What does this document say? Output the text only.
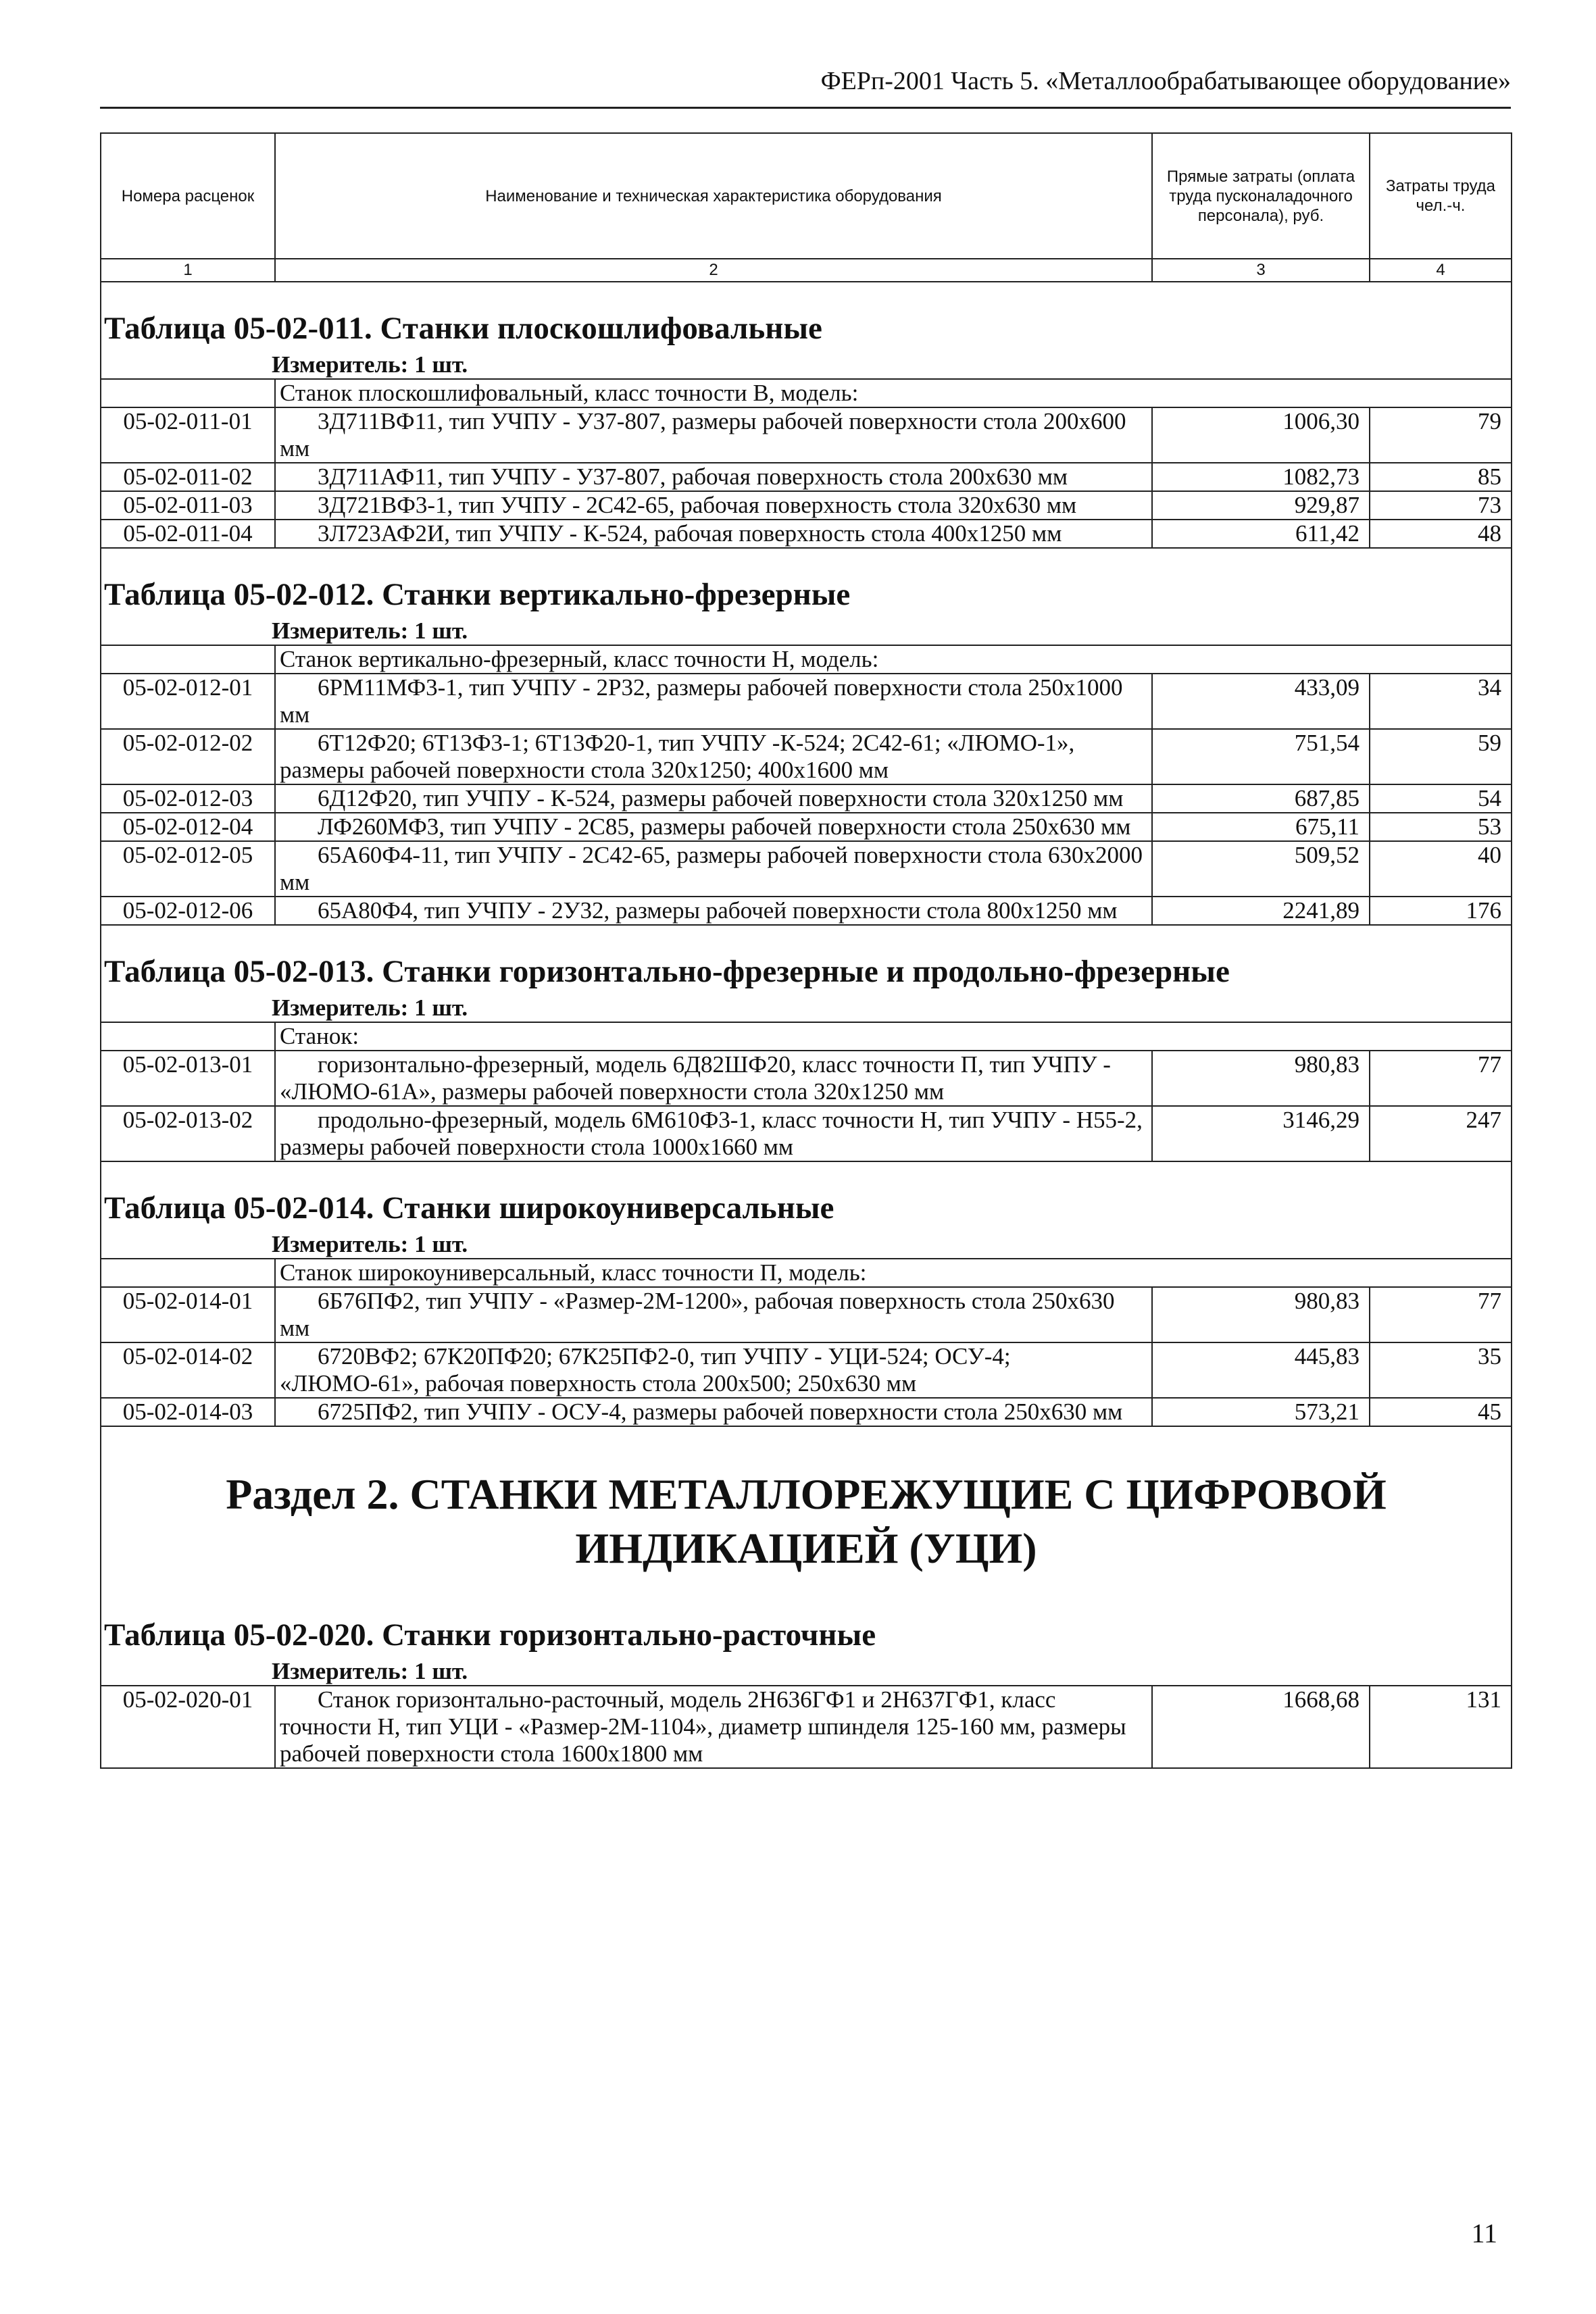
ФЕРп-2001 Часть 5. «Металлообрабатывающее оборудование»
Номера расценок	Наименование и техническая характеристика оборудования	Прямые затраты (оплата труда пусконаладочного персонала), руб.	Затраты труда чел.-ч.
1	2	3	4
Таблица 05-02-011. Станки плоскошлифовальные			
Измеритель: 1 шт.			
	Станок плоскошлифовальный, класс точности В, модель:		
05-02-011-01	3Д711ВФ11, тип УЧПУ - У37-807, размеры рабочей поверхности стола 200x600 мм	1006,30	79
05-02-011-02	3Д711АФ11, тип УЧПУ - У37-807, рабочая поверхность стола 200x630 мм	1082,73	85
05-02-011-03	3Д721ВФ3-1, тип УЧПУ - 2С42-65, рабочая поверхность стола 320x630 мм	929,87	73
05-02-011-04	3Л723АФ2И, тип УЧПУ - К-524, рабочая поверхность стола 400x1250 мм	611,42	48
Таблица 05-02-012. Станки вертикально-фрезерные			
Измеритель: 1 шт.			
	Станок вертикально-фрезерный, класс точности Н, модель:		
05-02-012-01	6РМ11МФ3-1, тип УЧПУ - 2Р32, размеры рабочей поверхности стола 250x1000 мм	433,09	34
05-02-012-02	6Т12Ф20; 6Т13Ф3-1; 6Т13Ф20-1, тип УЧПУ -К-524; 2С42-61; «ЛЮМО-1», размеры рабочей поверхности стола 320x1250; 400x1600 мм	751,54	59
05-02-012-03	6Д12Ф20, тип УЧПУ - К-524, размеры рабочей поверхности стола 320x1250 мм	687,85	54
05-02-012-04	ЛФ260МФ3, тип УЧПУ - 2С85, размеры рабочей поверхности стола 250x630 мм	675,11	53
05-02-012-05	65А60Ф4-11, тип УЧПУ - 2С42-65, размеры рабочей поверхности стола 630x2000 мм	509,52	40
05-02-012-06	65А80Ф4, тип УЧПУ - 2У32, размеры рабочей поверхности стола 800x1250 мм	2241,89	176
Таблица 05-02-013. Станки горизонтально-фрезерные и продольно-фрезерные			
Измеритель: 1 шт.			
	Станок:		
05-02-013-01	горизонтально-фрезерный, модель 6Д82ШФ20, класс точности П, тип УЧПУ - «ЛЮМО-61А», размеры рабочей поверхности стола 320x1250 мм	980,83	77
05-02-013-02	продольно-фрезерный, модель 6М610Ф3-1, класс точности Н, тип УЧПУ - Н55-2, размеры рабочей поверхности стола 1000x1660 мм	3146,29	247
Таблица 05-02-014. Станки широкоуниверсальные			
Измеритель: 1 шт.			
	Станок широкоуниверсальный, класс точности П, модель:		
05-02-014-01	6Б76ПФ2, тип УЧПУ - «Размер-2М-1200», рабочая поверхность стола 250x630 мм	980,83	77
05-02-014-02	6720ВФ2; 67К20ПФ20; 67К25ПФ2-0, тип УЧПУ - УЦИ-524; ОСУ-4; «ЛЮМО-61», рабочая поверхность стола 200x500; 250x630 мм	445,83	35
05-02-014-03	6725ПФ2, тип УЧПУ - ОСУ-4, размеры рабочей поверхности стола 250x630 мм	573,21	45
Раздел 2. СТАНКИ МЕТАЛЛОРЕЖУЩИЕ С ЦИФРОВОЙ ИНДИКАЦИЕЙ (УЦИ)			
Таблица 05-02-020. Станки горизонтально-расточные			
Измеритель: 1 шт.			
05-02-020-01	Станок горизонтально-расточный, модель 2Н636ГФ1 и 2Н637ГФ1, класс точности Н, тип УЦИ - «Размер-2М-1104», диаметр шпинделя 125-160 мм, размеры рабочей поверхности стола 1600x1800 мм	1668,68	131
11
